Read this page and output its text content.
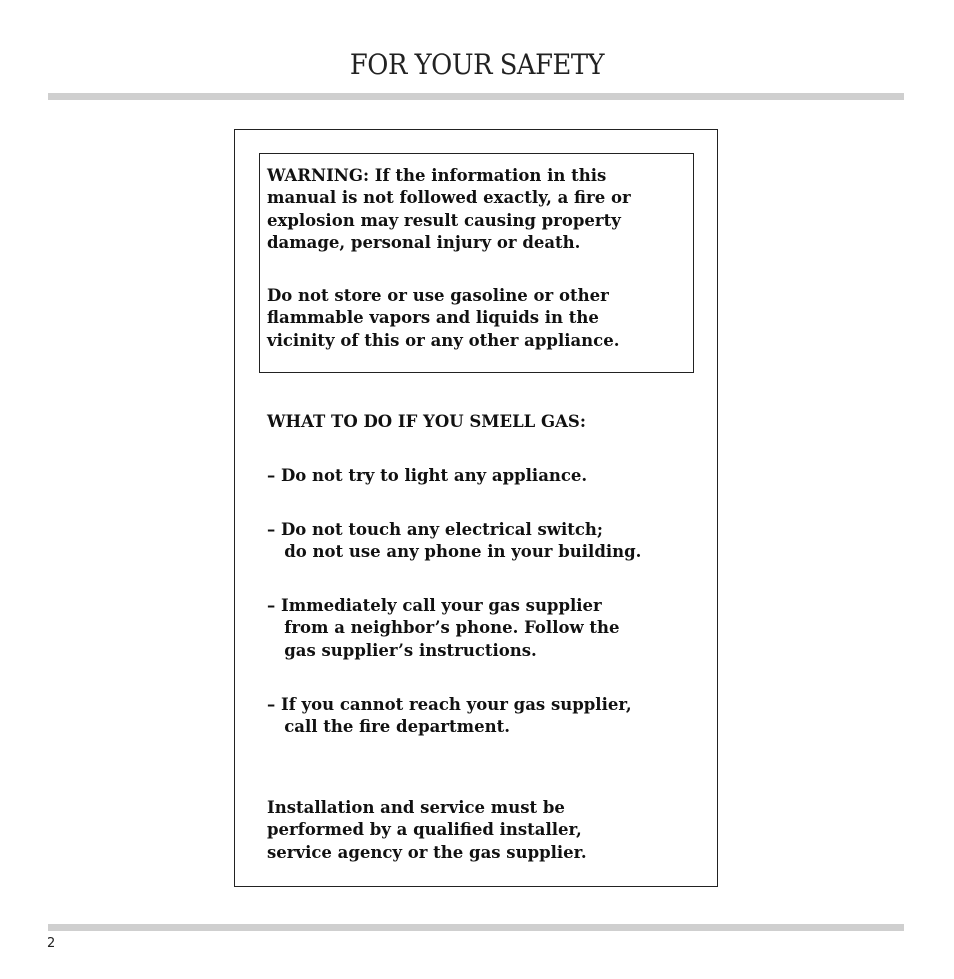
FOR YOUR SAFETY
WARNING: If the information in this
manual is not followed exactly, a fire or
explosion may result causing property
damage, personal injury or death.
Do not store or use gasoline or other
flammable vapors and liquids in the
vicinity of this or any other appliance.
WHAT TO DO IF YOU SMELL GAS:
– Do not try to light any appliance.
– Do not touch any electrical switch;
do not use any phone in your building.
– Immediately call your gas supplier
from a neighbor’s phone. Follow the
gas supplier’s instructions.
– If you cannot reach your gas supplier,
call the fire department.
Installation and service must be
performed by a qualified installer,
service agency or the gas supplier.
2
